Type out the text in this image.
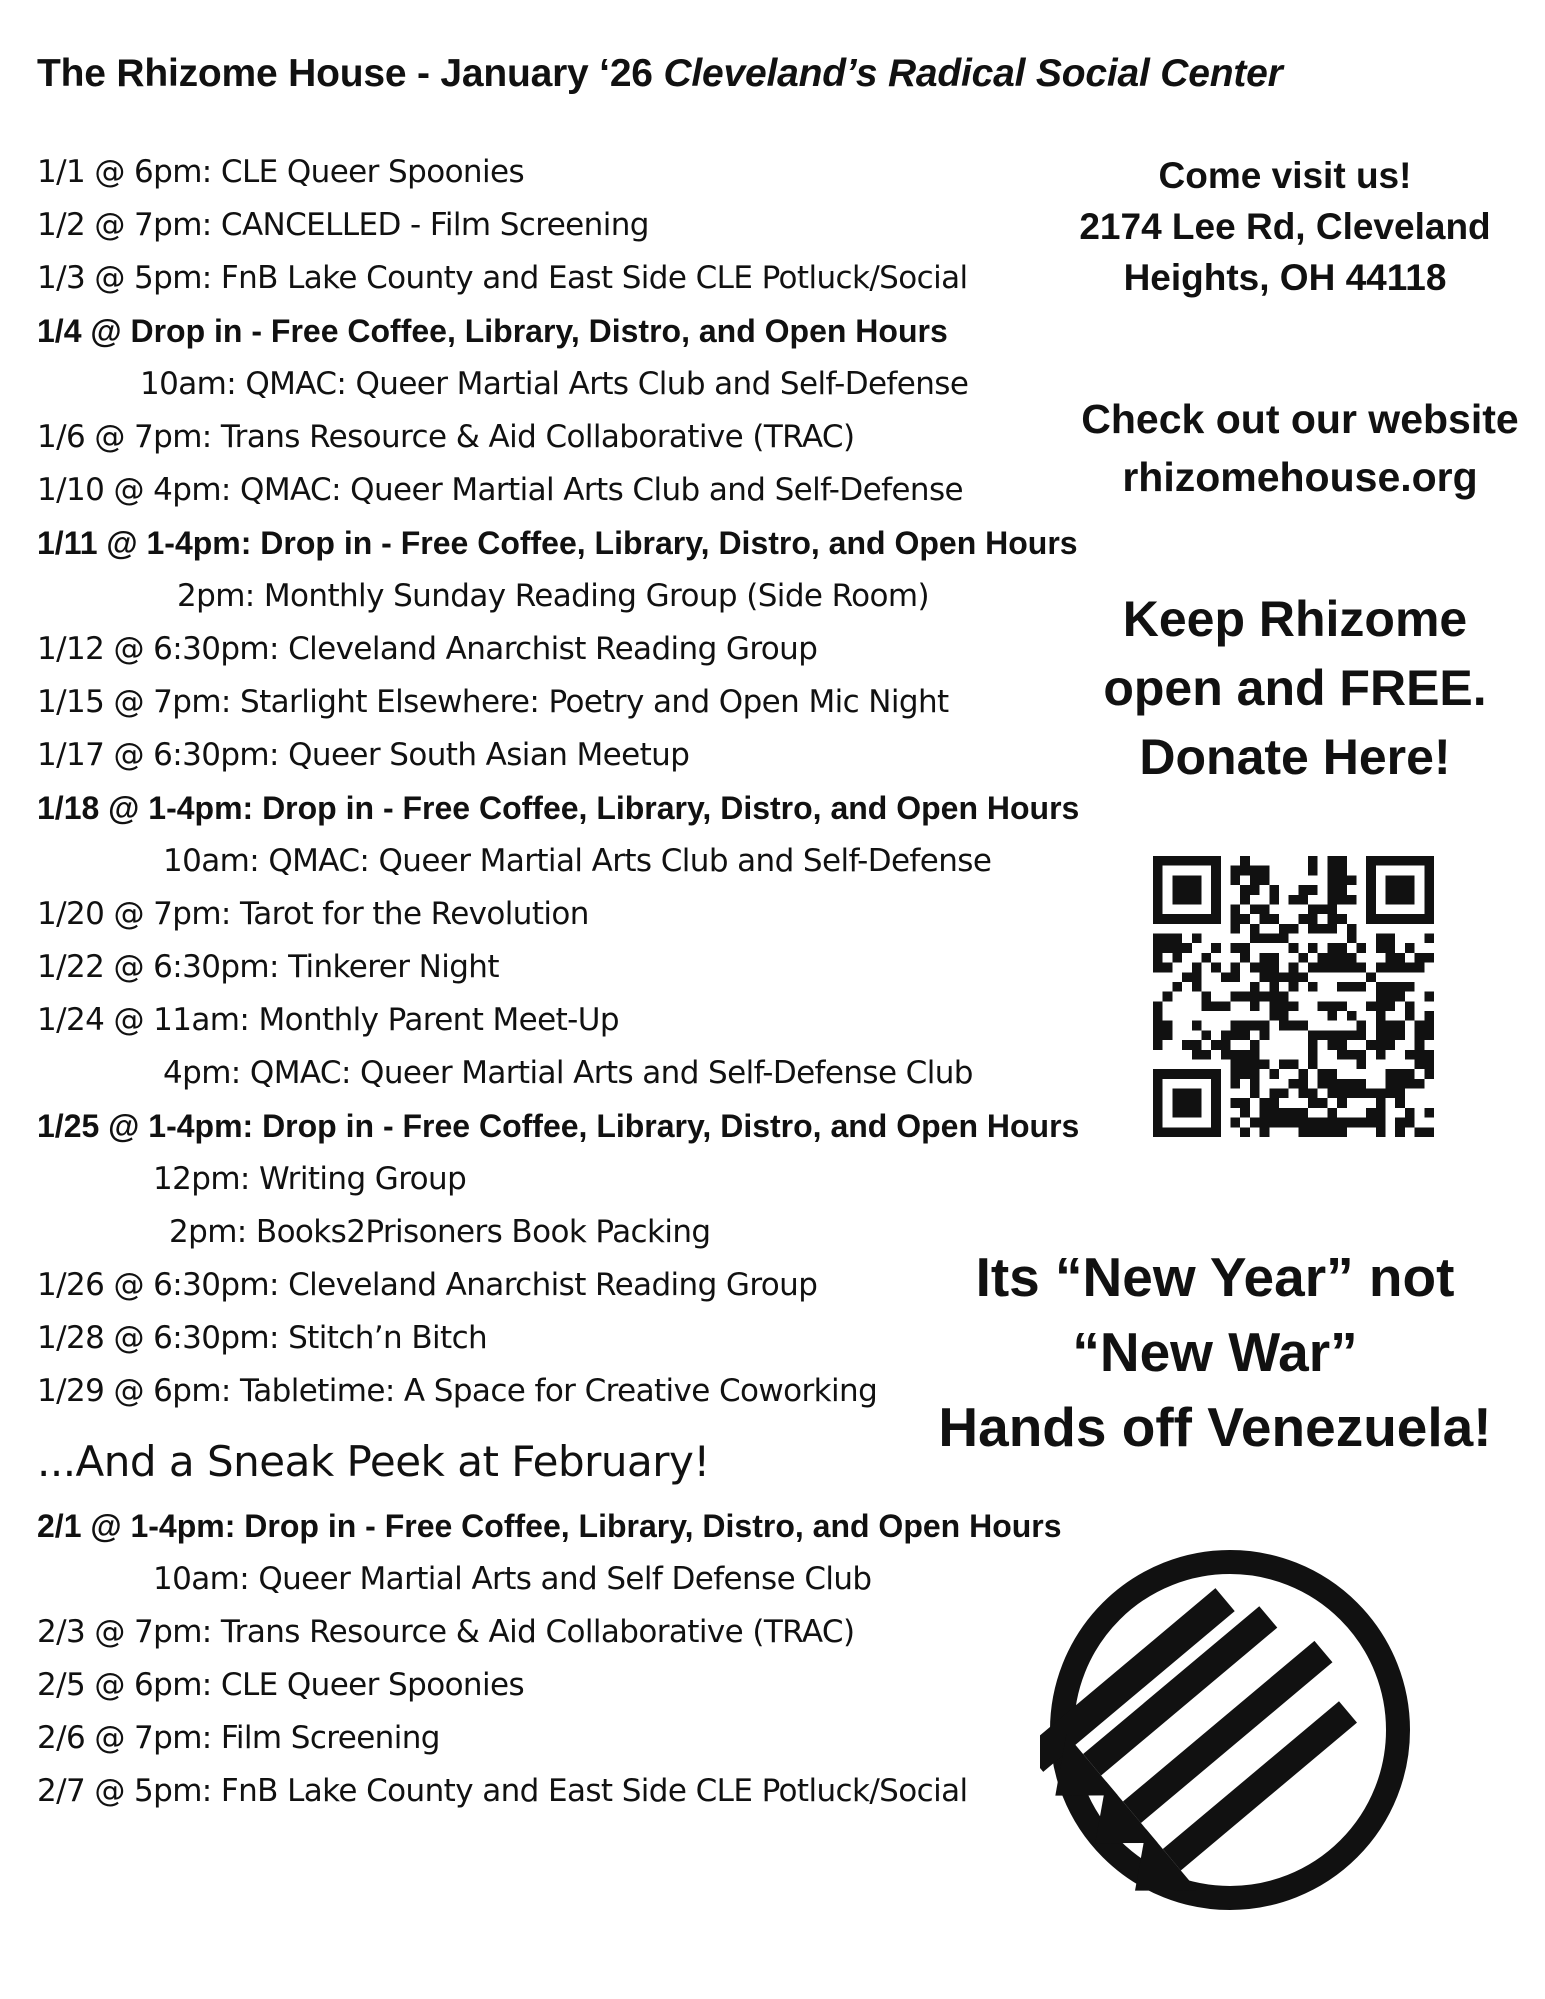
The Rhizome House - January ‘26 Cleveland’s Radical Social Center
1/1 @ 6pm: CLE Queer Spoonies
1/2 @ 7pm: CANCELLED - Film Screening
1/3 @ 5pm: FnB Lake County and East Side CLE Potluck/Social
1/4 @ Drop in - Free Coffee, Library, Distro, and Open Hours
10am: QMAC: Queer Martial Arts Club and Self-Defense
1/6 @ 7pm: Trans Resource & Aid Collaborative (TRAC)
1/10 @ 4pm: QMAC: Queer Martial Arts Club and Self-Defense
1/11 @ 1-4pm: Drop in - Free Coffee, Library, Distro, and Open Hours
2pm: Monthly Sunday Reading Group (Side Room)
1/12 @ 6:30pm: Cleveland Anarchist Reading Group
1/15 @ 7pm: Starlight Elsewhere: Poetry and Open Mic Night
1/17 @ 6:30pm: Queer South Asian Meetup
1/18 @ 1-4pm: Drop in - Free Coffee, Library, Distro, and Open Hours
10am: QMAC: Queer Martial Arts Club and Self-Defense
1/20 @ 7pm: Tarot for the Revolution
1/22 @ 6:30pm: Tinkerer Night
1/24 @ 11am: Monthly Parent Meet-Up
4pm: QMAC: Queer Martial Arts and Self-Defense Club
1/25 @ 1-4pm: Drop in - Free Coffee, Library, Distro, and Open Hours
12pm: Writing Group
2pm: Books2Prisoners Book Packing
1/26 @ 6:30pm: Cleveland Anarchist Reading Group
1/28 @ 6:30pm: Stitch’n Bitch
1/29 @ 6pm: Tabletime: A Space for Creative Coworking
...And a Sneak Peek at February!
2/1 @ 1-4pm: Drop in - Free Coffee, Library, Distro, and Open Hours
10am: Queer Martial Arts and Self Defense Club
2/3 @ 7pm: Trans Resource & Aid Collaborative (TRAC)
2/5 @ 6pm: CLE Queer Spoonies
2/6 @ 7pm: Film Screening
2/7 @ 5pm: FnB Lake County and East Side CLE Potluck/Social
Come visit us!
2174 Lee Rd, Cleveland
Heights, OH 44118
Check out our website
rhizomehouse.org
Keep Rhizome
open and FREE.
Donate Here!
Its “New Year” not
“New War”
Hands off Venezuela!
